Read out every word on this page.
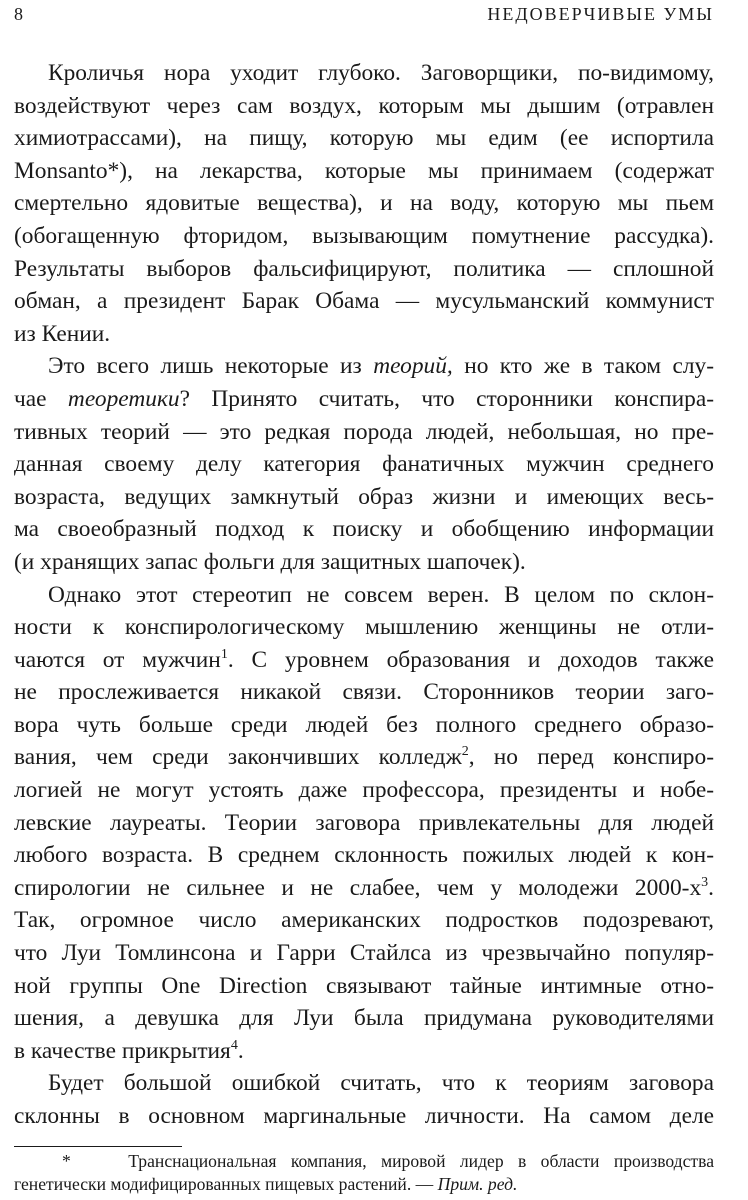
8	НЕДОВЕРЧИВЫЕ УМЫ
Кроличья нора уходит глубоко. Заговорщики, по-видимому,
воздействуют через сам воздух, которым мы дышим (отравлен
химиотрассами), на пищу, которую мы едим (ее испортила
Monsanto*), на лекарства, которые мы принимаем (содержат
смертельно ядовитые вещества), и на воду, которую мы пьем
(обогащенную фторидом, вызывающим помутнение рассудка).
Результаты выборов фальсифицируют, политика — сплошной
обман, а президент Барак Обама — мусульманский коммунист
из Кении.
Это всего лишь некоторые из теорий, но кто же в таком слу-
чае теоретики? Принято считать, что сторонники конспира-
тивных теорий — это редкая порода людей, небольшая, но пре-
данная своему делу категория фанатичных мужчин среднего
возраста, ведущих замкнутый образ жизни и имеющих весь-
ма своеобразный подход к поиску и обобщению информации
(и хранящих запас фольги для защитных шапочек).
Однако этот стереотип не совсем верен. В целом по склон-
ности к конспирологическому мышлению женщины не отли-
чаются от мужчин$^1$. С уровнем образования и доходов также
не прослеживается никакой связи. Сторонников теории заго-
вора чуть больше среди людей без полного среднего образо-
вания, чем среди закончивших колледж$^2$, но перед конспиро-
логией не могут устоять даже профессора, президенты и нобе-
левские лауреаты. Теории заговора привлекательны для людей
любого возраста. В среднем склонность пожилых людей к кон-
спирологии не сильнее и не слабее, чем у молодежи $2000-х^3$.
Так, огромное число американских подростков подозревают,
что Луи Томлинсона и Гарри Стайлса из чрезвычайно популяр-
ной группы One Direction связывают тайные интимные отно-
шения, а девушка для Луи была придумана руководителями
в качестве прикрытия$^4$.
Будет большой ошибкой считать, что к теориям заговора
склонны в основном маргинальные личности. На самом деле
*	Транснациональная компания, мировой лидер в области производства
генетически модифицированных пищевых растений. — Прим. ред.
